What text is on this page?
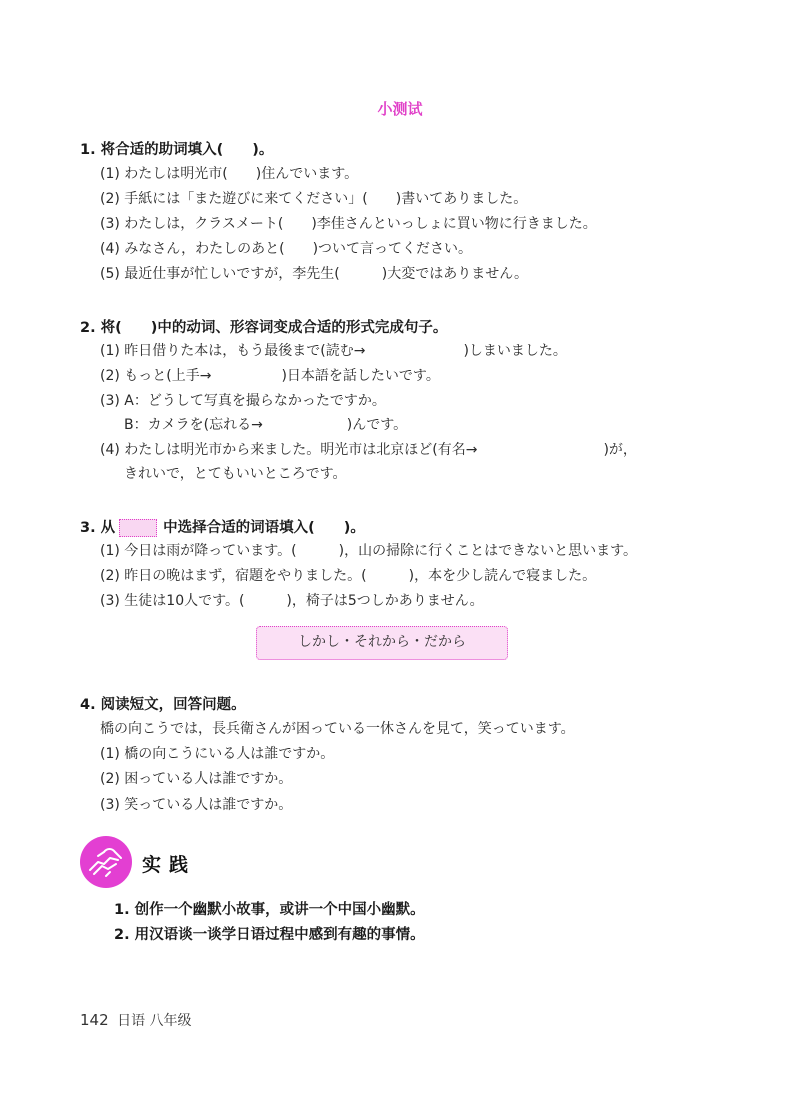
小测试
1. 将合适的助词填入(　　)。
(1) わたしは明光市(　　)住んでいます。
(2) 手紙には「また遊びに来てください」(　　)書いてありました。
(3) わたしは，クラスメート(　　)李佳さんといっしょに買い物に行きました。
(4) みなさん，わたしのあと(　　)ついて言ってください。
(5) 最近仕事が忙しいですが，李先生(　　　)大変ではありません。
2. 将(　　)中的动词、形容词变成合适的形式完成句子。
(1) 昨日借りた本は，もう最後まで(読む→　　　　　　　)しまいました。
(2) もっと(上手→　　　　　)日本語を話したいです。
(3) A：どうして写真を撮らなかったですか。
B：カメラを(忘れる→　　　　　　)んです。
(4) わたしは明光市から来ました。明光市は北京ほど(有名→　　　　　　　　　)が，
きれいで，とてもいいところです。
3. 从	中选择合适的词语填入(　　)。
(1) 今日は雨が降っています。(　　　)，山の掃除に行くことはできないと思います。
(2) 昨日の晩はまず，宿題をやりました。(　　　)，本を少し読んで寝ました。
(3) 生徒は10人です。(　　　)，椅子は5つしかありません。
しかし・それから・だから
4. 阅读短文，回答问题。
橋の向こうでは，長兵衛さんが困っている一休さんを見て，笑っています。
(1) 橋の向こうにいる人は誰ですか。
(2) 困っている人は誰ですか。
(3) 笑っている人は誰ですか。
实践
1. 创作一个幽默小故事，或讲一个中国小幽默。
2. 用汉语谈一谈学日语过程中感到有趣的事情。
142 日语 八年级
